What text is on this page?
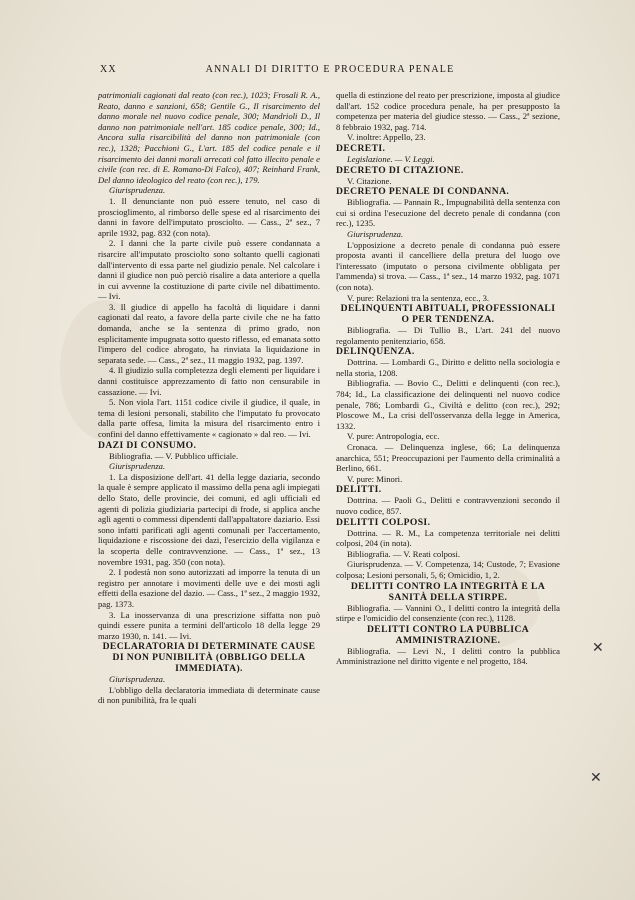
XX	ANNALI DI DIRITTO E PROCEDURA PENALE

patrimoniali cagionati dal reato (con rec.), 1023; Frosali R. A., Reato, danno e sanzioni, 658; Gentile G., Il risarcimento del danno morale nel nuovo codice penale, 300; Mandrioli D., Il danno non patrimoniale nell'art. 185 codice penale, 300; Id., Ancora sulla risarcibilità del danno non patrimoniale (con rec.), 1328; Pacchioni G., L'art. 185 del codice penale e il risarcimento dei danni morali arrecati col fatto illecito penale e civile (con rec. di E. Romano-Di Falco), 407; Reinhard Frank, Del danno ideologico del reato (con rec.), 179.

Giurisprudenza.

1. Il denunciante non può essere tenuto, nel caso di proscioglimento, al rimborso delle spese ed al risarcimento dei danni in favore dell'imputato prosciolto. — Cass., 2ª sez., 7 aprile 1932, pag. 832 (con nota).

2. I danni che la parte civile può essere condannata a risarcire all'imputato prosciolto sono soltanto quelli cagionati dall'intervento di essa parte nel giudizio penale. Nel calcolare i danni il giudice non può perciò risalire a data anteriore a quella in cui avvenne la costituzione di parte civile nel dibattimento. — Ivi.

3. Il giudice di appello ha facoltà di liquidare i danni cagionati dal reato, a favore della parte civile che ne ha fatto domanda, anche se la sentenza di primo grado, non esplicitamente impugnata sotto questo riflesso, ed emanata sotto l'impero del codice abrogato, ha rinviata la liquidazione in separata sede. — Cass., 2ª sez., 11 maggio 1932, pag. 1397.

4. Il giudizio sulla completezza degli elementi per liquidare i danni costituisce apprezzamento di fatto non censurabile in cassazione. — Ivi.

5. Non viola l'art. 1151 codice civile il giudice, il quale, in tema di lesioni personali, stabilito che l'imputato fu provocato dalla parte offesa, limita la misura del risarcimento entro i confini del danno effettivamente « cagionato » dal reo. — Ivi.

DAZI DI CONSUMO.

Bibliografia. — V. Pubblico ufficiale.

Giurisprudenza.

1. La disposizione dell'art. 41 della legge daziaria, secondo la quale è sempre applicato il massimo della pena agli impiegati dello Stato, delle provincie, dei comuni, ed agli ufficiali ed agenti di polizia giudiziaria partecipi di frode, si applica anche agli agenti o commessi dipendenti dall'appaltatore daziario. Essi sono infatti parificati agli agenti comunali per l'accertamento, liquidazione e riscossione dei dazi, l'esercizio della vigilanza e la scoperta delle contravvenzione. — Cass., 1ª sez., 13 novembre 1931, pag. 350 (con nota).

2. I podestà non sono autorizzati ad imporre la tenuta di un registro per annotare i movimenti delle uve e dei mosti agli effetti della esazione del dazio. — Cass., 1ª sez., 2 maggio 1932, pag. 1373.

3. La inosservanza di una prescrizione siffatta non può quindi essere punita a termini dell'articolo 18 della legge 29 marzo 1930, n. 141. — Ivi.

DECLARATORIA DI DETERMINATE CAUSE DI NON PUNIBILITÀ (OBBLIGO DELLA IMMEDIATA).

Giurisprudenza.

L'obbligo della declaratoria immediata di determinate cause di non punibilità, fra le quali

quella di estinzione del reato per prescrizione, imposta al giudice dall'art. 152 codice procedura penale, ha per presupposto la competenza per materia del giudice stesso. — Cass., 2ª sezione, 8 febbraio 1932, pag. 714.

V. inoltre: Appello, 23.

DECRETI.

Legislazione. — V. Leggi.

DECRETO DI CITAZIONE.

V. Citazione.

DECRETO PENALE DI CONDANNA.

Bibliografia. — Pannain R., Impugnabilità della sentenza con cui si ordina l'esecuzione del decreto penale di condanna (con rec.), 1235.

Giurisprudenza.

L'opposizione a decreto penale di condanna può essere proposta avanti il cancelliere della pretura del luogo ove l'interessato (imputato o persona civilmente obbligata per l'ammenda) si trova. — Cass., 1ª sez., 14 marzo 1932, pag. 1071 (con nota).

V. pure: Relazioni tra la sentenza, ecc., 3.

DELINQUENTI ABITUALI, PROFESSIONALI O PER TENDENZA.

Bibliografia. — Di Tullio B., L'art. 241 del nuovo regolamento penitenziario, 658.

DELINQUENZA.

Dottrina. — Lombardi G., Diritto e delitto nella sociologia e nella storia, 1208.

Bibliografia. — Bovio C., Delitti e delinquenti (con rec.), 784; Id., La classificazione dei delinquenti nel nuovo codice penale, 786; Lombardi G., Civiltà e delitto (con rec.), 292; Ploscowe M., La crisi dell'osservanza della legge in America, 1332.

V. pure: Antropologia, ecc.

Cronaca. — Delinquenza inglese, 66; La delinquenza anarchica, 551; Preoccupazioni per l'aumento della criminalità a Berlino, 661.

V. pure: Minori.

DELITTI.

Dottrina. — Paoli G., Delitti e contravvenzioni secondo il nuovo codice, 857.

DELITTI COLPOSI.

Dottrina. — R. M., La competenza territoriale nei delitti colposi, 204 (in nota).

Bibliografia. — V. Reati colposi.

Giurisprudenza. — V. Competenza, 14; Custode, 7; Evasione colposa; Lesioni personali, 5, 6; Omicidio, 1, 2.

DELITTI CONTRO LA INTEGRITÀ E LA SANITÀ DELLA STIRPE.

Bibliografia. — Vannini O., I delitti contro la integrità della stirpe e l'omicidio del consenziente (con rec.), 1128.

DELITTI CONTRO LA PUBBLICA AMMINISTRAZIONE.

Bibliografia. — Levi N., I delitti contro la pubblica Amministrazione nel diritto vigente e nel progetto, 184.

✕
✕
